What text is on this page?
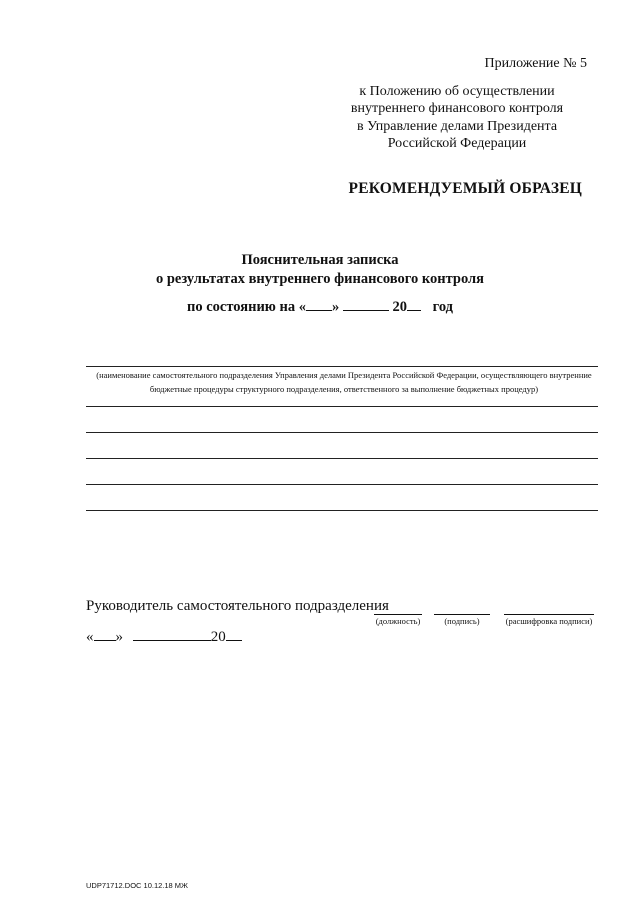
Приложение № 5
к Положению об осуществлении
внутреннего финансового контроля
в Управление делами Президента
Российской Федерации
РЕКОМЕНДУЕМЫЙ ОБРАЗЕЦ
Пояснительная записка
о результатах внутреннего финансового контроля
по состоянию на « »	20 год
(наименование самостоятельного подразделения Управления делами Президента Российской Федерации, осуществляющего внутренние
бюджетные процедуры структурного подразделения, ответственного за выполнение бюджетных процедур)
Руководитель самостоятельного подразделения
(должность)	(подпись)	(расшифровка подписи)
« »	20
UDP71712.DOC 10.12.18 МЖ
